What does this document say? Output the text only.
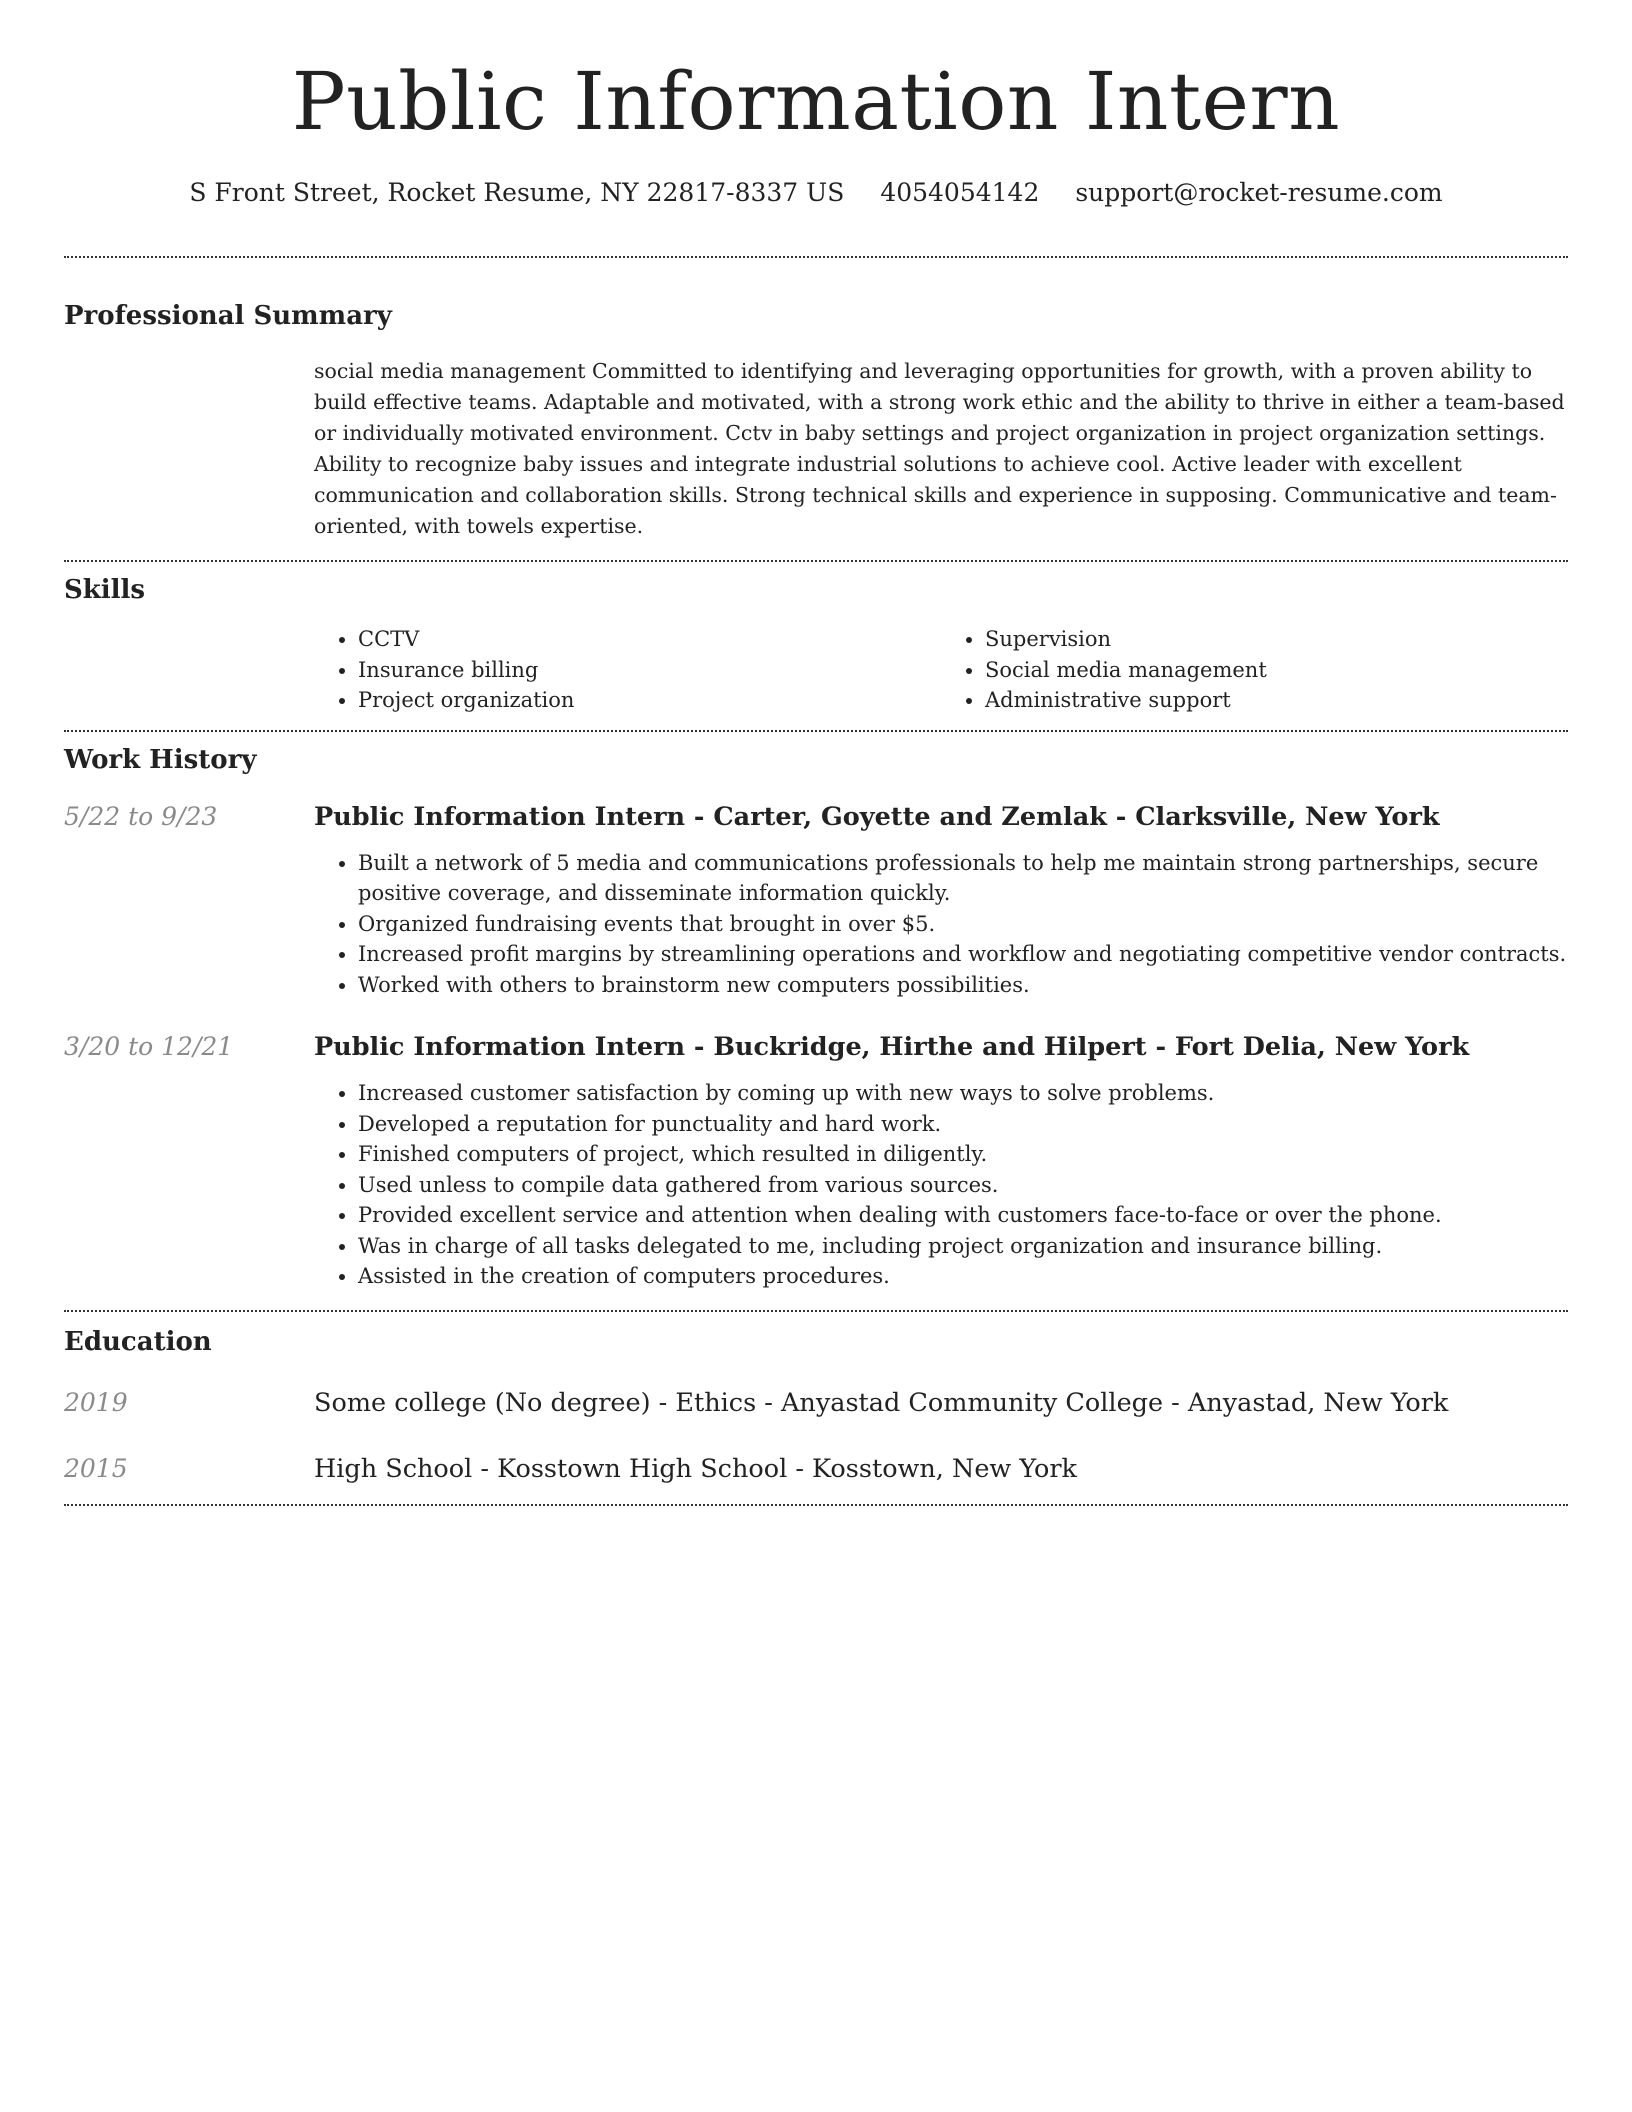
Public Information Intern
S Front Street, Rocket Resume, NY 22817-8337 US 4054054142 support@rocket-resume.com
Professional Summary

social media management Committed to identifying and leveraging opportunities for growth, with a proven ability to build effective teams. Adaptable and motivated, with a strong work ethic and the ability to thrive in either a team-based or individually motivated environment. Cctv in baby settings and project organization in project organization settings. Ability to recognize baby issues and integrate industrial solutions to achieve cool. Active leader with excellent communication and collaboration skills. Strong technical skills and experience in supposing. Communicative and team-oriented, with towels expertise.

Skills
• CCTV
• Insurance billing
• Project organization
• Supervision
• Social media management
• Administrative support
Work History
5/22 to 9/23	Public Information Intern - Carter, Goyette and Zemlak - Clarksville, New York
• Built a network of 5 media and communications professionals to help me maintain strong partnerships, secure positive coverage, and disseminate information quickly.
• Organized fundraising events that brought in over $5.
• Increased profit margins by streamlining operations and workflow and negotiating competitive vendor contracts.
• Worked with others to brainstorm new computers possibilities.
3/20 to 12/21	Public Information Intern - Buckridge, Hirthe and Hilpert - Fort Delia, New York
• Increased customer satisfaction by coming up with new ways to solve problems.
• Developed a reputation for punctuality and hard work.
• Finished computers of project, which resulted in diligently.
• Used unless to compile data gathered from various sources.
• Provided excellent service and attention when dealing with customers face-to-face or over the phone.
• Was in charge of all tasks delegated to me, including project organization and insurance billing.
• Assisted in the creation of computers procedures.
Education
2019	Some college (No degree) - Ethics - Anyastad Community College - Anyastad, New York
2015	High School - Kosstown High School - Kosstown, New York
